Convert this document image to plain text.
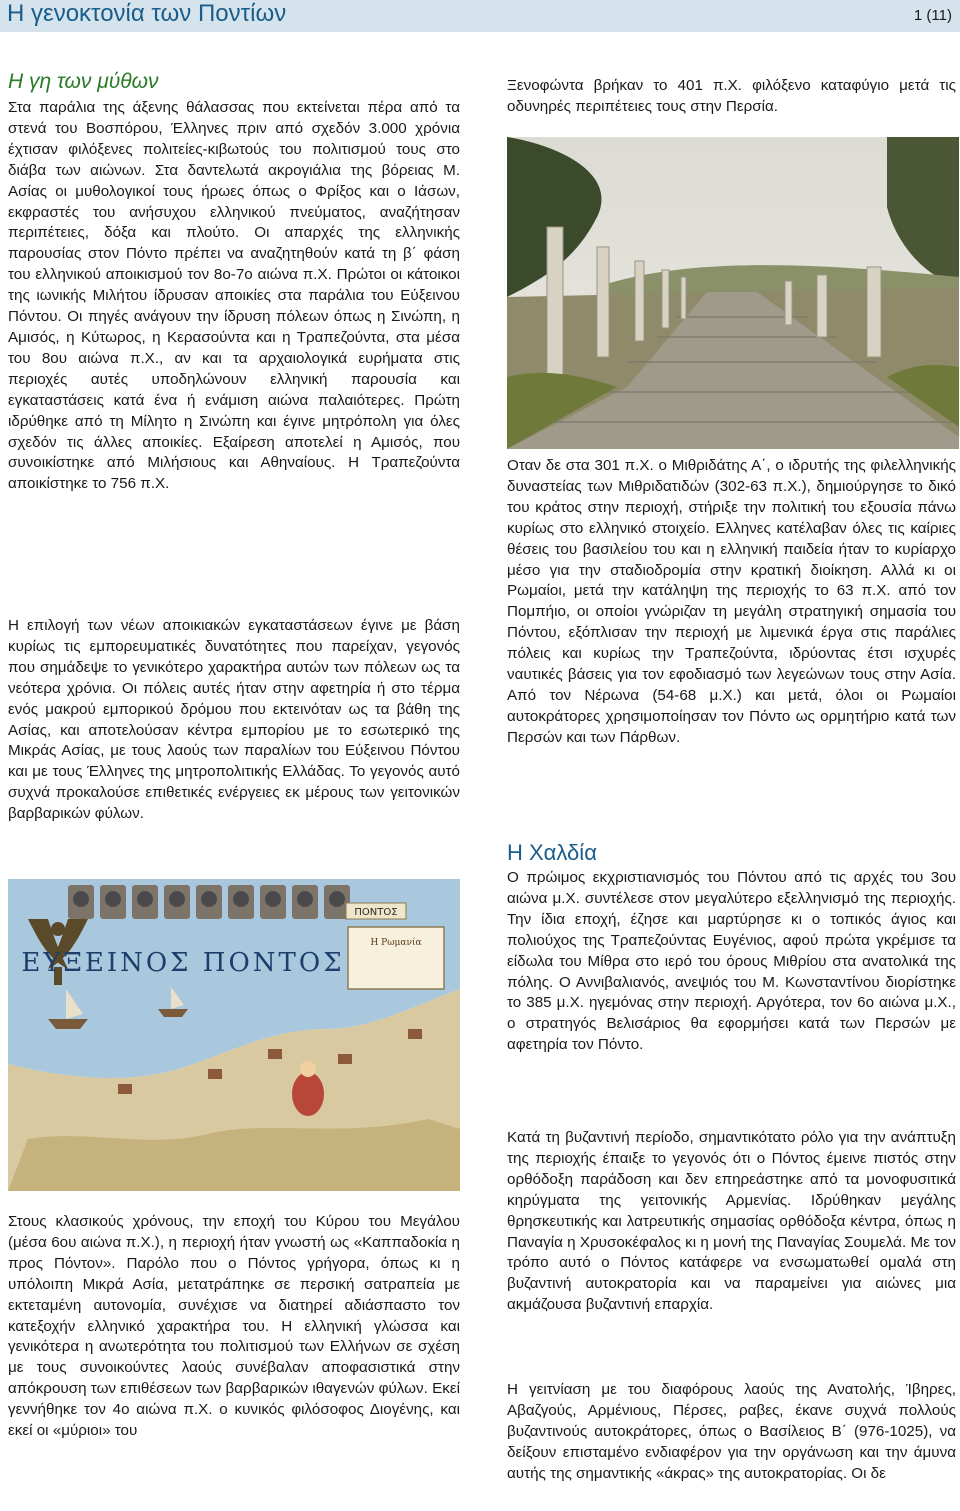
Η γενοκτονία των Ποντίων	1 (11)
Η γη των μύθων

Στα παράλια της άξενης θάλασσας που εκτείνεται πέρα από τα στενά του Βοσπόρου, Έλληνες πριν από σχεδόν 3.000 χρόνια έχτισαν φιλόξενες πολιτείες-κιβωτούς του πολιτισμού τους στο διάβα των αιώνων. Στα δαντελωτά ακρογιάλια της βόρειας Μ. Ασίας οι μυθολογικοί τους ήρωες όπως ο Φρίξος και ο Ιάσων, εκφραστές του ανήσυχου ελληνικού πνεύματος, αναζήτησαν περιπέτειες, δόξα και πλούτο. Οι απαρχές της ελληνικής παρουσίας στον Πόντο πρέπει να αναζητηθούν κατά τη β΄ φάση του ελληνικού αποικισμού τον 8ο-7ο αιώνα π.Χ. Πρώτοι οι κάτοικοι της ιωνικής Μιλήτου ίδρυσαν αποικίες στα παράλια του Εύξεινου Πόντου. Οι πηγές ανάγουν την ίδρυση πόλεων όπως η Σινώπη, η Αμισός, η Κύτωρος, η Κερασούντα και η Τραπεζούντα, στα μέσα του 8ου αιώνα π.Χ., αν και τα αρχαιολογικά ευρήματα στις περιοχές αυτές υποδηλώνουν ελληνική παρουσία και εγκαταστάσεις κατά ένα ή ενάμιση αιώνα παλαιότερες. Πρώτη ιδρύθηκε από τη Μίλητο η Σινώπη και έγινε μητρόπολη για όλες σχεδόν τις άλλες αποικίες. Εξαίρεση αποτελεί η Αμισός, που συνοικίστηκε από Μιλήσιους και Αθηναίους. Η Τραπεζούντα αποικίστηκε το 756 π.Χ.

Η επιλογή των νέων αποικιακών εγκαταστάσεων έγινε με βάση κυρίως τις εμπορευματικές δυνατότητες που παρείχαν, γεγονός που σημάδεψε το γενικότερο χαρακτήρα αυτών των πόλεων ως τα νεότερα χρόνια. Οι πόλεις αυτές ήταν στην αφετηρία ή στο τέρμα ενός μακρού εμπορικού δρόμου που εκτεινόταν ως τα βάθη της Ασίας, και αποτελούσαν κέντρα εμπορίου με το εσωτερικό της Μικράς Ασίας, με τους λαούς των παραλίων του Εύξεινου Πόντου και με τους Έλληνες της μητροπολιτικής Ελλάδας. Το γεγονός αυτό συχνά προκαλούσε επιθετικές ενέργειες εκ μέρους των γειτονικών βαρβαρικών φύλων.

Η Ρωμανία
ΠΟΝΤΟΣ
ΕΥΞΕΙΝΟΣ ΠΟΝΤΟΣ

Στους κλασικούς χρόνους, την εποχή του Κύρου του Μεγάλου (μέσα 6ου αιώνα π.Χ.), η περιοχή ήταν γνωστή ως «Καππαδοκία η προς Πόντον». Παρόλο που ο Πόντος γρήγορα, όπως κι η υπόλοιπη Μικρά Ασία, μετατράπηκε σε περσική σατραπεία με εκτεταμένη αυτονομία, συνέχισε να διατηρεί αδιάσπαστο τον κατεξοχήν ελληνικό χαρακτήρα του. Η ελληνική γλώσσα και γενικότερα η ανωτερότητα του πολιτισμού των Ελλήνων σε σχέση με τους συνοικούντες λαούς συνέβαλαν αποφασιστικά στην απόκρουση των επιθέσεων των βαρβαρικών ιθαγενών φύλων. Εκεί γεννήθηκε τον 4ο αιώνα π.Χ. ο κυνικός φιλόσοφος Διογένης, και εκεί οι «μύριοι» του

Ξενοφώντα βρήκαν το 401 π.Χ. φιλόξενο καταφύγιο μετά τις οδυνηρές περιπέτειες τους στην Περσία.

Οταν δε στα 301 π.Χ. ο Μιθριδάτης Α΄, ο ιδρυτής της φιλελληνικής δυναστείας των Μιθριδατιδών (302-63 π.Χ.), δημιούργησε το δικό του κράτος στην περιοχή, στήριξε την πολιτική του εξουσία πάνω κυρίως στο ελληνικό στοιχείο. Ελληνες κατέλαβαν όλες τις καίριες θέσεις του βασιλείου του και η ελληνική παιδεία ήταν το κυρίαρχο μέσο για την σταδιοδρομία στην κρατική διοίκηση. Αλλά κι οι Ρωμαίοι, μετά την κατάληψη της περιοχής το 63 π.Χ. από τον Πομπήιο, οι οποίοι γνώριζαν τη μεγάλη στρατηγική σημασία του Πόντου, εξόπλισαν την περιοχή με λιμενικά έργα στις παράλιες πόλεις και κυρίως την Τραπεζούντα, ιδρύοντας έτσι ισχυρές ναυτικές βάσεις για τον εφοδιασμό των λεγεώνων τους στην Ασία. Από τον Νέρωνα (54-68 μ.Χ.) και μετά, όλοι οι Ρωμαίοι αυτοκράτορες χρησιμοποίησαν τον Πόντο ως ορμητήριο κατά των Περσών και των Πάρθων.

Η Χαλδία

Ο πρώιμος εκχριστιανισμός του Πόντου από τις αρχές του 3ου αιώνα μ.Χ. συντέλεσε στον μεγαλύτερο εξελληνισμό της περιοχής. Την ίδια εποχή, έζησε και μαρτύρησε κι ο τοπικός άγιος και πολιούχος της Τραπεζούντας Ευγένιος, αφού πρώτα γκρέμισε τα είδωλα του Μίθρα στο ιερό του όρους Μιθρίου στα ανατολικά της πόλης. Ο Αννιβαλιανός, ανεψιός του Μ. Κωνσταντίνου διορίστηκε το 385 μ.Χ. ηγεμόνας στην περιοχή. Αργότερα, τον 6ο αιώνα μ.Χ., ο στρατηγός Βελισάριος θα εφορμήσει κατά των Περσών με αφετηρία τον Πόντο.

Κατά τη βυζαντινή περίοδο, σημαντικότατο ρόλο για την ανάπτυξη της περιοχής έπαιξε το γεγονός ότι ο Πόντος έμεινε πιστός στην ορθόδοξη παράδοση και δεν επηρεάστηκε από τα μονοφυσιτικά κηρύγματα της γειτονικής Αρμενίας. Ιδρύθηκαν μεγάλης θρησκευτικής και λατρευτικής σημασίας ορθόδοξα κέντρα, όπως η Παναγία η Χρυσοκέφαλος κι η μονή της Παναγίας Σουμελά. Με τον τρόπο αυτό ο Πόντος κατάφερε να ενσωματωθεί ομαλά στη βυζαντινή αυτοκρατορία και να παραμείνει για αιώνες μια ακμάζουσα βυζαντινή επαρχία.

Η γειτνίαση με του διαφόρους λαούς της Ανατολής, Ίβηρες, Αβαζγούς, Αρμένιους, Πέρσες, ραβες, έκανε συχνά πολλούς βυζαντινούς αυτοκράτορες, όπως ο Βασίλειος Β΄ (976-1025), να δείξουν επισταμένο ενδιαφέρον για την οργάνωση και την άμυνα αυτής της σημαντικής «άκρας» της αυτοκρατορίας. Οι δε
